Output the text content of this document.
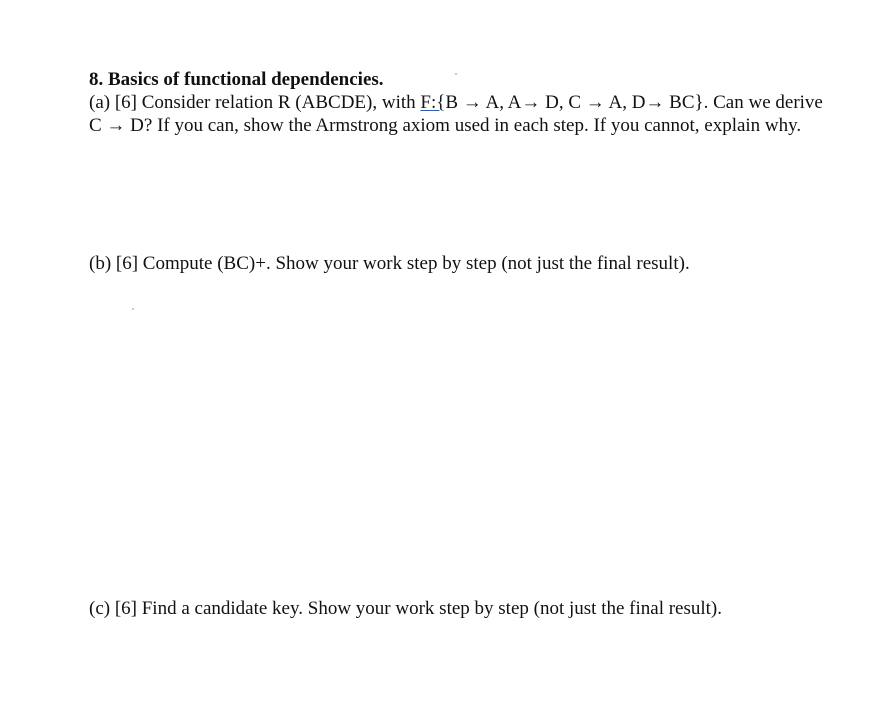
8. Basics of functional dependencies.
(a) [6] Consider relation R (ABCDE), with F:{B → A, A→ D, C → A, D→ BC}. Can we derive
C → D? If you can, show the Armstrong axiom used in each step. If you cannot, explain why.
(b) [6] Compute (BC)+. Show your work step by step (not just the final result).
(c) [6] Find a candidate key. Show your work step by step (not just the final result).
